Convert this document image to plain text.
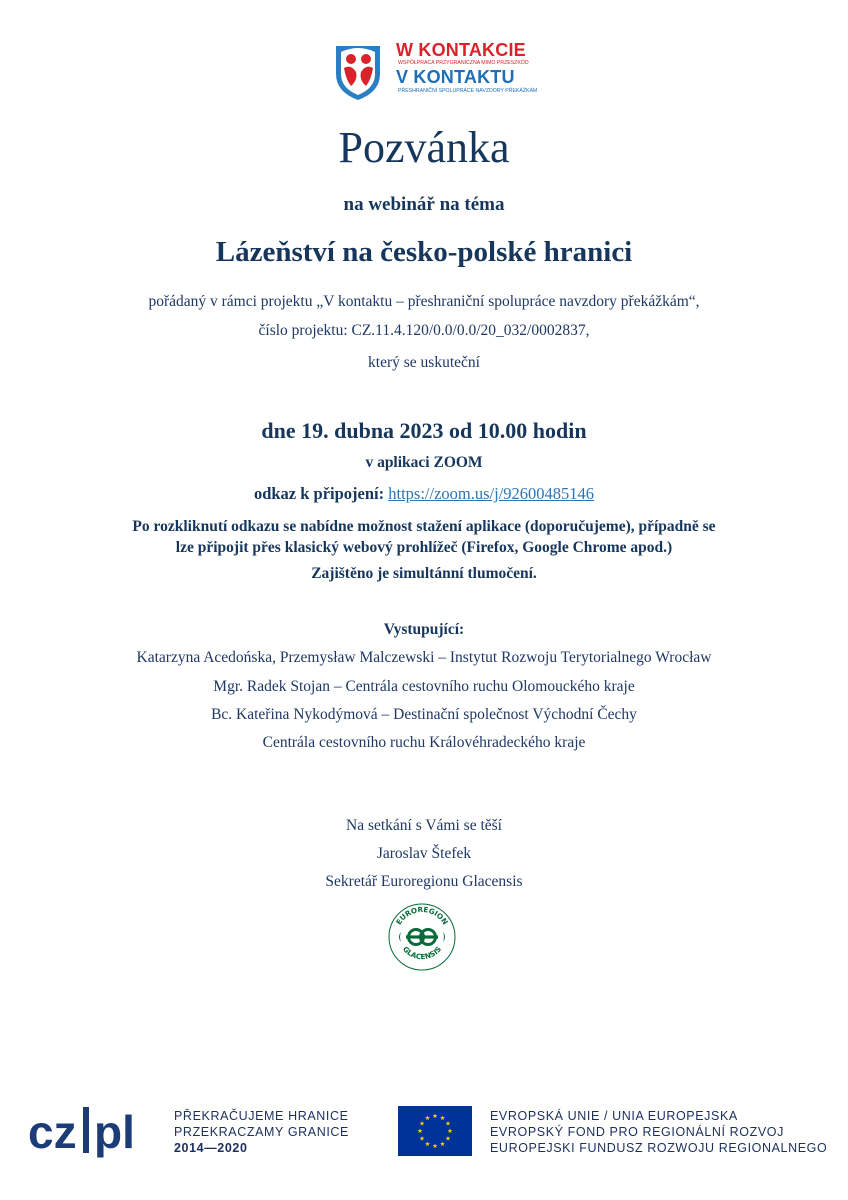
W KONTAKCIE
WSPÓŁPRACA PRZYGRANICZNA MIMO PRZESZKÓD
V KONTAKTU
PŘESHRANIČNÍ SPOLUPRÁCE NAVZDORY PŘEKÁŽKÁM
Pozvánka
na webinář na téma
Lázeňství na česko-polské hranici
pořádaný v rámci projektu „V kontaktu – přeshraniční spolupráce navzdory překážkám“,
číslo projektu: CZ.11.4.120/0.0/0.0/20_032/0002837,
který se uskuteční
dne 19. dubna 2023 od 10.00 hodin
v aplikaci ZOOM
odkaz k připojení: https://zoom.us/j/92600485146
Po rozkliknutí odkazu se nabídne možnost stažení aplikace (doporučujeme), případně se
lze připojit přes klasický webový prohlížeč (Firefox, Google Chrome apod.)
Zajištěno je simultánní tlumočení.
Vystupující:
Katarzyna Acedońska, Przemysław Malczewski – Instytut Rozwoju Terytorialnego Wrocław
Mgr. Radek Stojan – Centrála cestovního ruchu Olomouckého kraje
Bc. Kateřina Nykodýmová – Destinační společnost Východní Čechy
Centrála cestovního ruchu Královéhradeckého kraje
Na setkání s Vámi se těší
Jaroslav Štefek
Sekretář Euroregionu Glacensis
EUROREGION
GLACENSIS
cz pl	PŘEKRAČUJEME HRANICE
PRZEKRACZAMY GRANICE
2014—2020
EVROPSKÁ UNIE / UNIA EUROPEJSKA
EVROPSKÝ FOND PRO REGIONÁLNÍ ROZVOJ
EUROPEJSKI FUNDUSZ ROZWOJU REGIONALNEGO
